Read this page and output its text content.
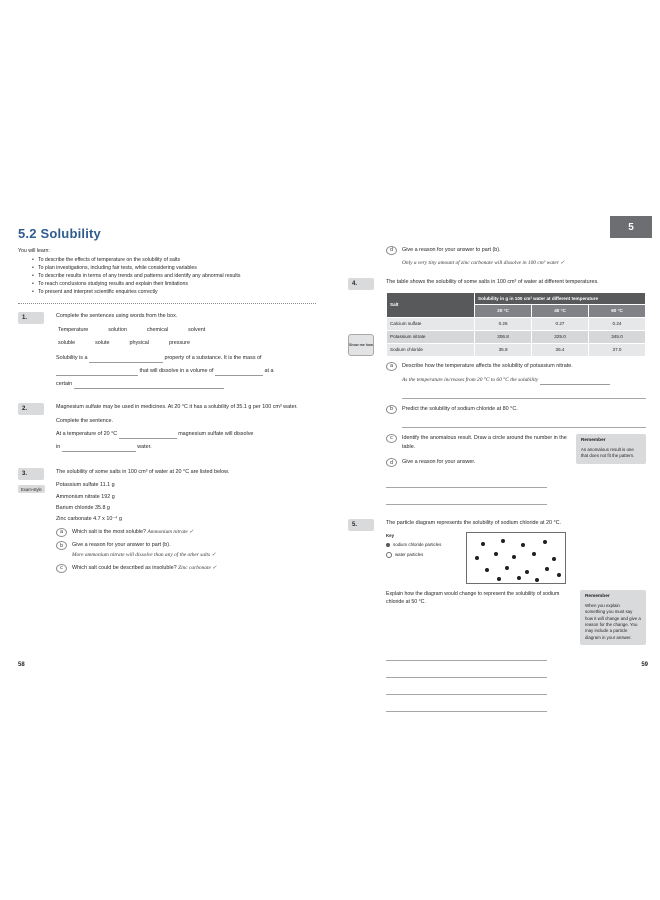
5.2 Solubility
You will learn:
• To describe the effects of temperature on the solubility of salts
• To plan investigations, including fair tests, while considering variables
• To describe results in terms of any trends and patterns and identify any abnormal results
• To reach conclusions studying results and explain their limitations
• To present and interpret scientific enquiries correctly
1.	Complete the sentences using words from the box.

Temperature	solution	chemical	solvent
soluble	solute	physical	pressure

Solubility is a	property of a substance. It is the mass of

that will dissolve in a volume of	at a

certain

2.	Magnesium sulfate may be used in medicines. At 20 °C it has a solubility of 35.1 g per 100 cm³ water.

Complete the sentence.

At a temperature of 20 °C	magnesium sulfate will dissolve

in	water.

3.
Exam-style

The solubility of some salts in 100 cm³ of water at 20 °C are listed below.

Potassium sulfate 11.1 g

Ammonium nitrate 192 g

Barium chloride 35.8 g

Zinc carbonate 4.7 x 10⁻⁴ g

a	Which salt is the most soluble? Ammonium nitrate ✓
b	Give a reason for your answer to part (b).
More ammonium nitrate will dissolve than any of the other salts ✓
c	Which salt could be described as insoluble? Zinc carbonate ✓
58
5
d	Give a reason for your answer to part (b).
Only a very tiny amount of zinc carbonate will dissolve in 100 cm³ water ✓
4.	The table shows the solubility of some salts in 100 cm³ of water at different temperatures.

Salt	Solubility in g in 100 cm³ water at different temperature		
	20 °C	40 °C	60 °C
Calcium sulfate	0.26	0.27	0.24
Potassium nitrate	306.8	329.0	345.0
Sodium chloride	35.9	36.4	37.0
Show me how
a	Describe how the temperature affects the solubility of potassium nitrate.
As the temperature increases from 20 °C to 60 °C the solubility
b	Predict the solubility of sodium chloride at 80 °C.
c	Identify the anomalous result. Draw a circle around the number in the table.
d	Give a reason for your answer.
Remember
An anomalous result is one that does not fit the pattern.
5.	The particle diagram represents the solubility of sodium chloride at 20 °C.

Key
sodium chloride particles
water particles
Explain how the diagram would change to represent the solubility of sodium chloride at 50 °C.
Remember
When you explain something you must say how it will change and give a reason for the change. You may include a particle diagram in your answer.
59
